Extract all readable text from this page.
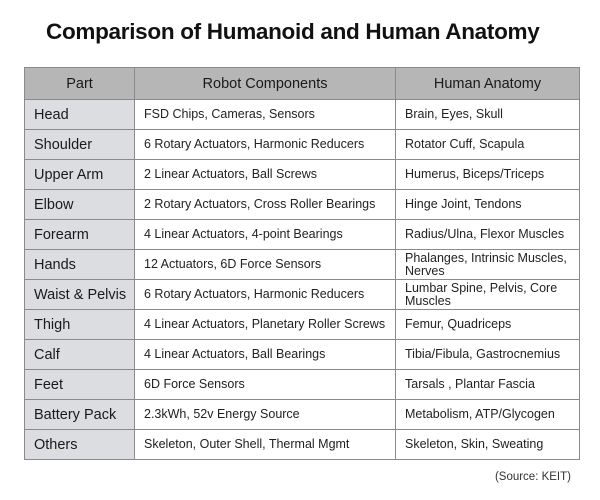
Comparison of Humanoid and Human Anatomy
Part	Robot Components	Human Anatomy
Head	FSD Chips, Cameras, Sensors	Brain, Eyes, Skull
Shoulder	6 Rotary Actuators, Harmonic Reducers	Rotator Cuff, Scapula
Upper Arm	2 Linear Actuators, Ball Screws	Humerus, Biceps/Triceps
Elbow	2 Rotary Actuators, Cross Roller Bearings	Hinge Joint, Tendons
Forearm	4 Linear Actuators, 4-point Bearings	Radius/Ulna, Flexor Muscles
Hands	12 Actuators, 6D Force Sensors	Phalanges, Intrinsic Muscles, Nerves
Waist & Pelvis	6 Rotary Actuators, Harmonic Reducers	Lumbar Spine, Pelvis, Core Muscles
Thigh	4 Linear Actuators, Planetary Roller Screws	Femur, Quadriceps
Calf	4 Linear Actuators, Ball Bearings	Tibia/Fibula, Gastrocnemius
Feet	6D Force Sensors	Tarsals , Plantar Fascia
Battery Pack	2.3kWh, 52v Energy Source	Metabolism, ATP/Glycogen
Others	Skeleton, Outer Shell, Thermal Mgmt	Skeleton, Skin, Sweating
(Source: KEIT)
